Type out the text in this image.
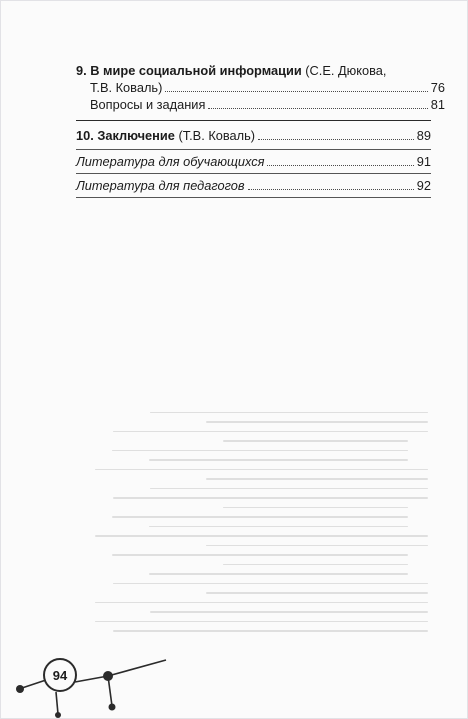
9. В мире социальной информации (С.Е. Дюкова,
Т.В. Коваль)	76
Вопросы и задания	81
10. Заключение (Т.В. Коваль)	89
Литература для обучающихся	91
Литература для педагогов	92
94
